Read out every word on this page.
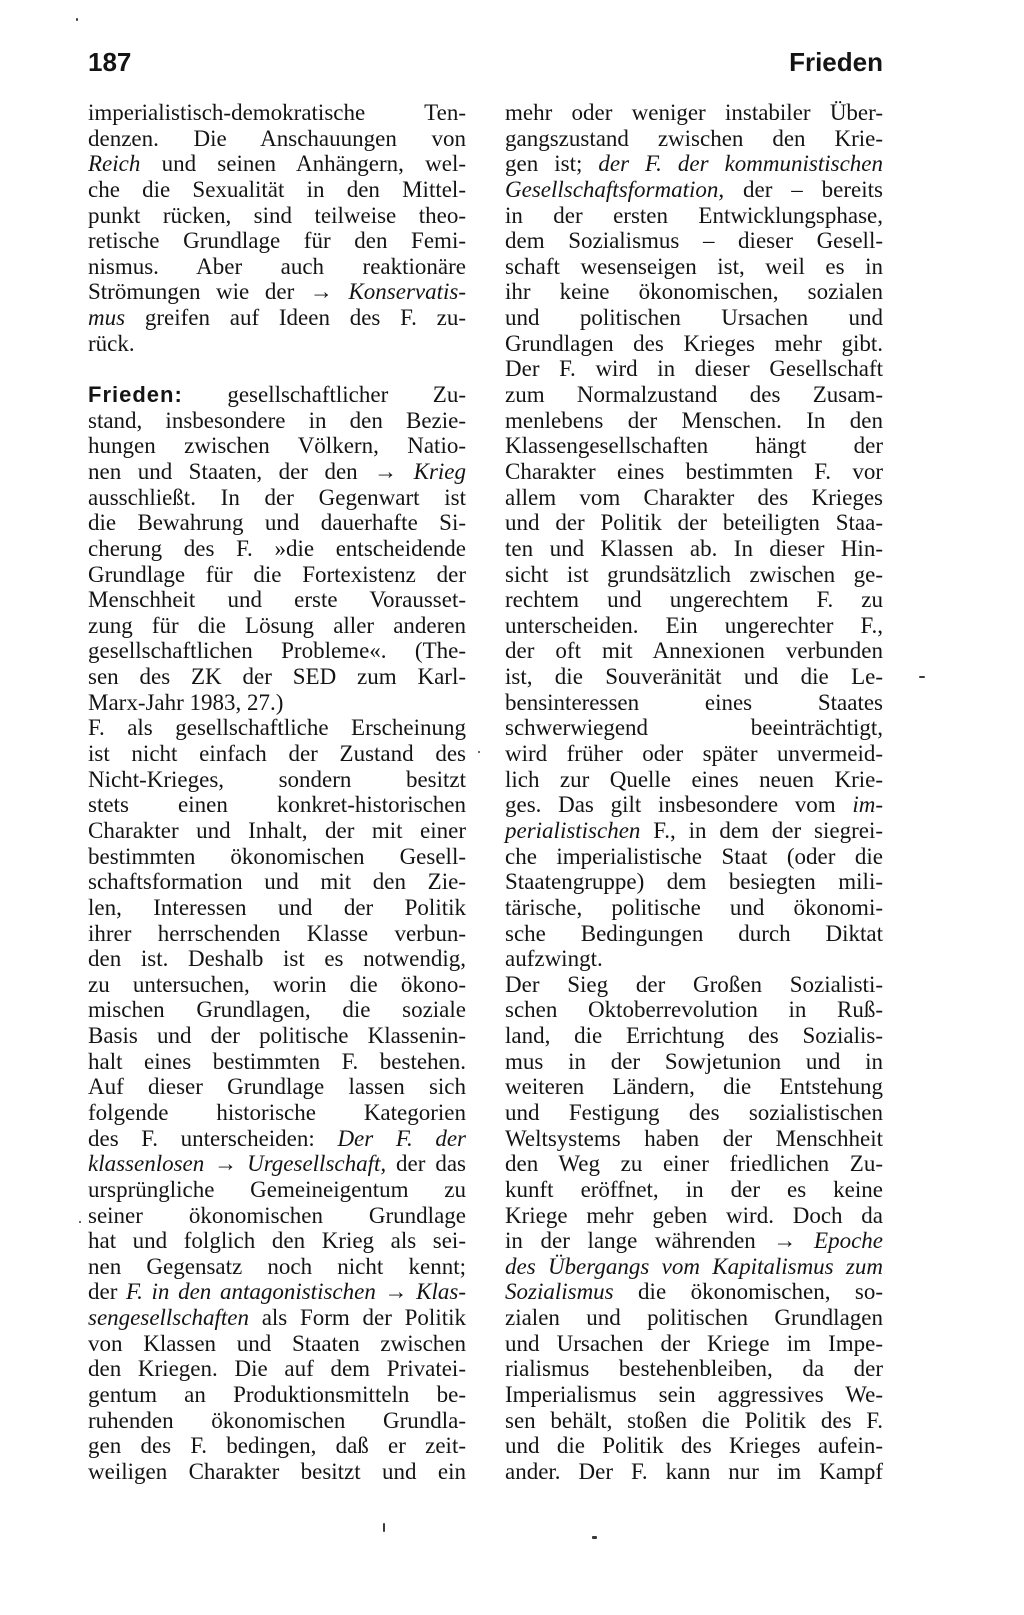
187	Frieden
imperialistisch-demokratische Ten-
denzen. Die Anschauungen von
Reich und seinen Anhängern, wel-
che die Sexualität in den Mittel-
punkt rücken, sind teilweise theo-
retische Grundlage für den Femi-
nismus. Aber auch reaktionäre
Strömungen wie der → Konservatis-
mus greifen auf Ideen des F. zu-
rück.
Frieden: gesellschaftlicher Zu-
stand, insbesondere in den Bezie-
hungen zwischen Völkern, Natio-
nen und Staaten, der den → Krieg
ausschließt. In der Gegenwart ist
die Bewahrung und dauerhafte Si-
cherung des F. »die entscheidende
Grundlage für die Fortexistenz der
Menschheit und erste Vorausset-
zung für die Lösung aller anderen
gesellschaftlichen Probleme«. (The-
sen des ZK der SED zum Karl-
Marx-Jahr 1983, 27.)
F. als gesellschaftliche Erscheinung
ist nicht einfach der Zustand des
Nicht-Krieges, sondern besitzt
stets einen konkret-historischen
Charakter und Inhalt, der mit einer
bestimmten ökonomischen Gesell-
schaftsformation und mit den Zie-
len, Interessen und der Politik
ihrer herrschenden Klasse verbun-
den ist. Deshalb ist es notwendig,
zu untersuchen, worin die ökono-
mischen Grundlagen, die soziale
Basis und der politische Klassenin-
halt eines bestimmten F. bestehen.
Auf dieser Grundlage lassen sich
folgende historische Kategorien
des F. unterscheiden: Der F. der
klassenlosen → Urgesellschaft, der das
ursprüngliche Gemeineigentum zu
seiner ökonomischen Grundlage
hat und folglich den Krieg als sei-
nen Gegensatz noch nicht kennt;
der F. in den antagonistischen → Klas-
sengesellschaften als Form der Politik
von Klassen und Staaten zwischen
den Kriegen. Die auf dem Privatei-
gentum an Produktionsmitteln be-
ruhenden ökonomischen Grundla-
gen des F. bedingen, daß er zeit-
weiligen Charakter besitzt und ein
mehr oder weniger instabiler Über-
gangszustand zwischen den Krie-
gen ist; der F. der kommunistischen
Gesellschaftsformation, der – bereits
in der ersten Entwicklungsphase,
dem Sozialismus – dieser Gesell-
schaft wesenseigen ist, weil es in
ihr keine ökonomischen, sozialen
und politischen Ursachen und
Grundlagen des Krieges mehr gibt.
Der F. wird in dieser Gesellschaft
zum Normalzustand des Zusam-
menlebens der Menschen. In den
Klassengesellschaften hängt der
Charakter eines bestimmten F. vor
allem vom Charakter des Krieges
und der Politik der beteiligten Staa-
ten und Klassen ab. In dieser Hin-
sicht ist grundsätzlich zwischen ge-
rechtem und ungerechtem F. zu
unterscheiden. Ein ungerechter F.,
der oft mit Annexionen verbunden
ist, die Souveränität und die Le-
bensinteressen eines Staates
schwerwiegend beeinträchtigt,
wird früher oder später unvermeid-
lich zur Quelle eines neuen Krie-
ges. Das gilt insbesondere vom im-
perialistischen F., in dem der siegrei-
che imperialistische Staat (oder die
Staatengruppe) dem besiegten mili-
tärische, politische und ökonomi-
sche Bedingungen durch Diktat
aufzwingt.
Der Sieg der Großen Sozialisti-
schen Oktoberrevolution in Ruß-
land, die Errichtung des Sozialis-
mus in der Sowjetunion und in
weiteren Ländern, die Entstehung
und Festigung des sozialistischen
Weltsystems haben der Menschheit
den Weg zu einer friedlichen Zu-
kunft eröffnet, in der es keine
Kriege mehr geben wird. Doch da
in der lange währenden → Epoche
des Übergangs vom Kapitalismus zum
Sozialismus die ökonomischen, so-
zialen und politischen Grundlagen
und Ursachen der Kriege im Impe-
rialismus bestehenbleiben, da der
Imperialismus sein aggressives We-
sen behält, stoßen die Politik des F.
und die Politik des Krieges aufein-
ander. Der F. kann nur im Kampf
